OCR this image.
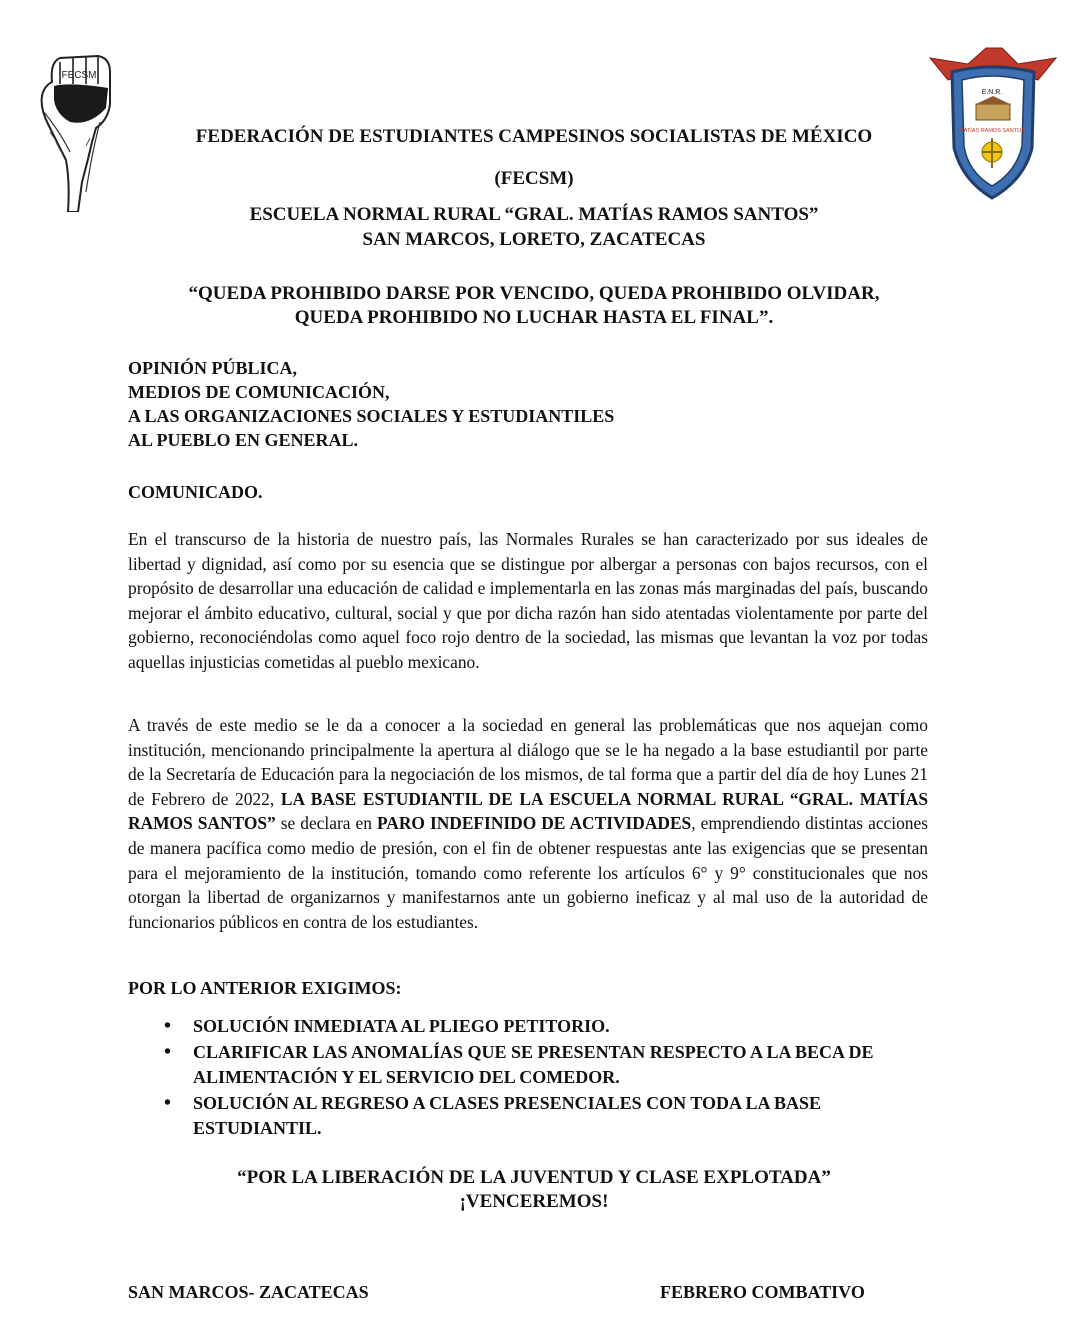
FECSM
E.N.R.
MATÍAS RAMOS SANTOS
FEDERACIÓN DE ESTUDIANTES CAMPESINOS SOCIALISTAS DE MÉXICO
(FECSM)
ESCUELA NORMAL RURAL “GRAL. MATÍAS RAMOS SANTOS”
SAN MARCOS, LORETO, ZACATECAS
“QUEDA PROHIBIDO DARSE POR VENCIDO, QUEDA PROHIBIDO OLVIDAR,
QUEDA PROHIBIDO NO LUCHAR HASTA EL FINAL”.
OPINIÓN PÚBLICA,
MEDIOS DE COMUNICACIÓN,
A LAS ORGANIZACIONES SOCIALES Y ESTUDIANTILES
AL PUEBLO EN GENERAL.
COMUNICADO.

En el transcurso de la historia de nuestro país, las Normales Rurales se han caracterizado por sus ideales de libertad y dignidad, así como por su esencia que se distingue por albergar a personas con bajos recursos, con el propósito de desarrollar una educación de calidad e implementarla en las zonas más marginadas del país, buscando mejorar el ámbito educativo, cultural, social y que por dicha razón han sido atentadas violentamente por parte del gobierno, reconociéndolas como aquel foco rojo dentro de la sociedad, las mismas que levantan la voz por todas aquellas injusticias cometidas al pueblo mexicano.

A través de este medio se le da a conocer a la sociedad en general las problemáticas que nos aquejan como institución, mencionando principalmente la apertura al diálogo que se le ha negado a la base estudiantil por parte de la Secretaría de Educación para la negociación de los mismos, de tal forma que a partir del día de hoy Lunes 21 de Febrero de 2022, LA BASE ESTUDIANTIL DE LA ESCUELA NORMAL RURAL “GRAL. MATÍAS RAMOS SANTOS” se declara en PARO INDEFINIDO DE ACTIVIDADES, emprendiendo distintas acciones de manera pacífica como medio de presión, con el fin de obtener respuestas ante las exigencias que se presentan para el mejoramiento de la institución, tomando como referente los artículos 6° y 9° constitucionales que nos otorgan la libertad de organizarnos y manifestarnos ante un gobierno ineficaz y al mal uso de la autoridad de funcionarios públicos en contra de los estudiantes.

POR LO ANTERIOR EXIGIMOS:
• SOLUCIÓN INMEDIATA AL PLIEGO PETITORIO.
• CLARIFICAR LAS ANOMALÍAS QUE SE PRESENTAN RESPECTO A LA BECA DE ALIMENTACIÓN Y EL SERVICIO DEL COMEDOR.
• SOLUCIÓN AL REGRESO A CLASES PRESENCIALES CON TODA LA BASE ESTUDIANTIL.
“POR LA LIBERACIÓN DE LA JUVENTUD Y CLASE EXPLOTADA”
¡VENCEREMOS!
SAN MARCOS- ZACATECAS	FEBRERO COMBATIVO
